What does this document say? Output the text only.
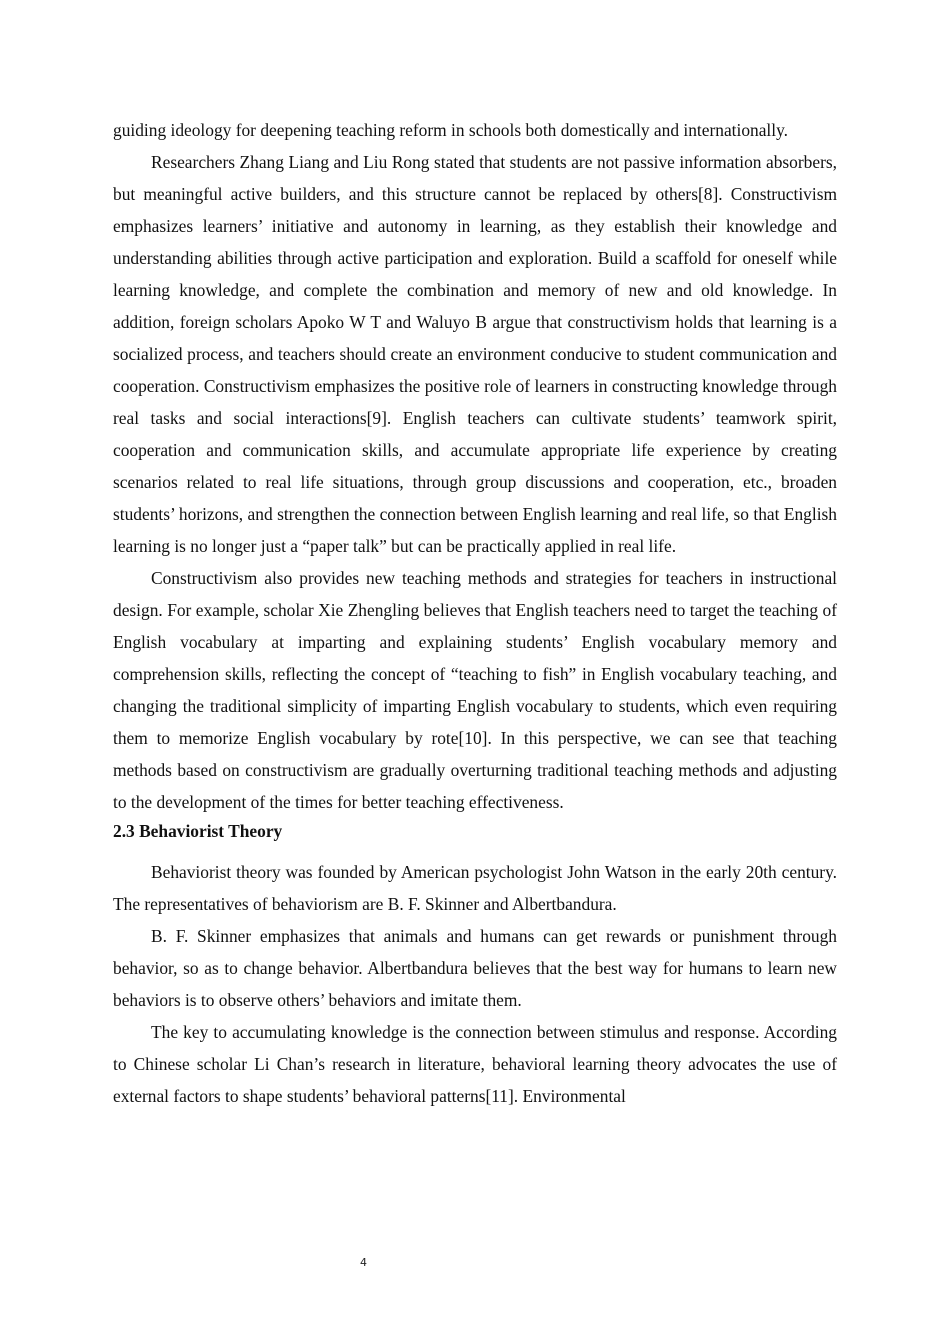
guiding ideology for deepening teaching reform in schools both domestically and internationally.

Researchers Zhang Liang and Liu Rong stated that students are not passive information absorbers, but meaningful active builders, and this structure cannot be replaced by others[8]. Constructivism emphasizes learners’ initiative and autonomy in learning, as they establish their knowledge and understanding abilities through active participation and exploration. Build a scaffold for oneself while learning knowledge, and complete the combination and memory of new and old knowledge. In addition, foreign scholars Apoko W T and Waluyo B argue that constructivism holds that learning is a socialized process, and teachers should create an environment conducive to student communication and cooperation. Constructivism emphasizes the positive role of learners in constructing knowledge through real tasks and social interactions[9]. English teachers can cultivate students’ teamwork spirit, cooperation and communication skills, and accumulate appropriate life experience by creating scenarios related to real life situations, through group discussions and cooperation, etc., broaden students’ horizons, and strengthen the connection between English learning and real life, so that English learning is no longer just a “paper talk” but can be practically applied in real life.

Constructivism also provides new teaching methods and strategies for teachers in instructional design. For example, scholar Xie Zhengling believes that English teachers need to target the teaching of English vocabulary at imparting and explaining students’ English vocabulary memory and comprehension skills, reflecting the concept of “teaching to fish” in English vocabulary teaching, and changing the traditional simplicity of imparting English vocabulary to students, which even requiring them to memorize English vocabulary by rote[10]. In this perspective, we can see that teaching methods based on constructivism are gradually overturning traditional teaching methods and adjusting to the development of the times for better teaching effectiveness.

2.3 Behaviorist Theory

Behaviorist theory was founded by American psychologist John Watson in the early 20th century. The representatives of behaviorism are B. F. Skinner and Albertbandura.

B. F. Skinner emphasizes that animals and humans can get rewards or punishment through behavior, so as to change behavior. Albertbandura believes that the best way for humans to learn new behaviors is to observe others’ behaviors and imitate them.

The key to accumulating knowledge is the connection between stimulus and response. According to Chinese scholar Li Chan’s research in literature, behavioral learning theory advocates the use of external factors to shape students’ behavioral patterns[11]. Environmental

4
